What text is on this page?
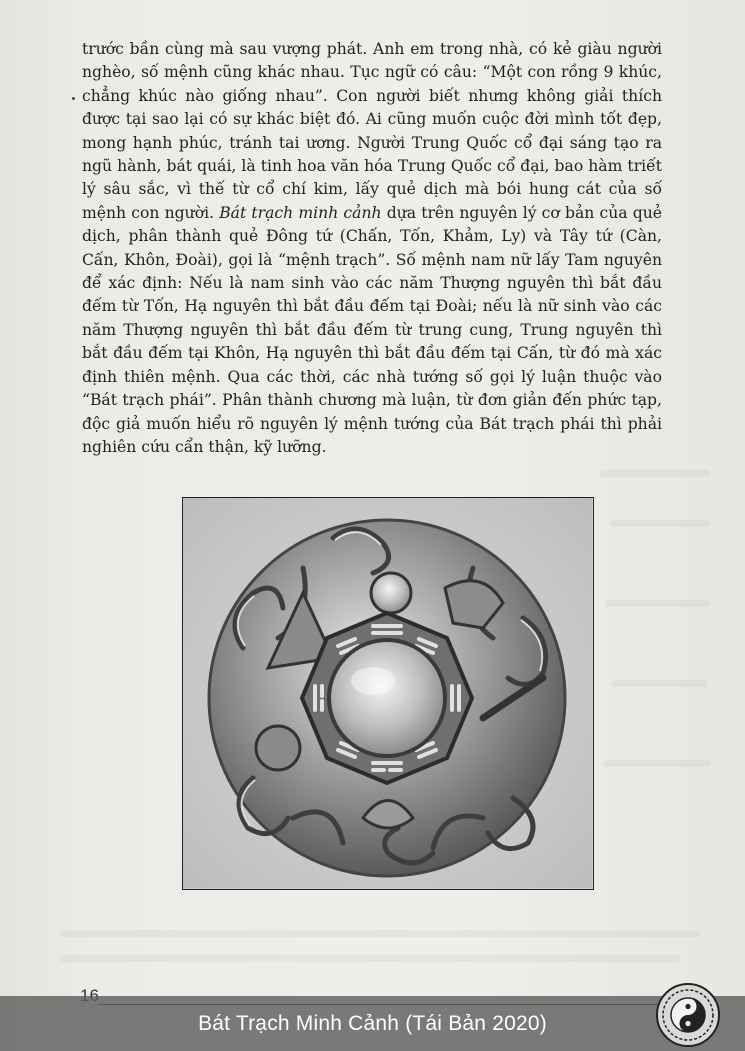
trước bần cùng mà sau vượng phát. Anh em trong nhà, có kẻ giàu người nghèo, số mệnh cũng khác nhau. Tục ngữ có câu: “Một con rồng 9 khúc, chẳng khúc nào giống nhau”. Con người biết nhưng không giải thích được tại sao lại có sự khác biệt đó. Ai cũng muốn cuộc đời mình tốt đẹp, mong hạnh phúc, tránh tai ương. Người Trung Quốc cổ đại sáng tạo ra ngũ hành, bát quái, là tinh hoa văn hóa Trung Quốc cổ đại, bao hàm triết lý sâu sắc, vì thế từ cổ chí kim, lấy quẻ dịch mà bói hung cát của số mệnh con người. Bát trạch minh cảnh dựa trên nguyên lý cơ bản của quẻ dịch, phân thành quẻ Đông tứ (Chấn, Tốn, Khảm, Ly) và Tây tứ (Càn, Cấn, Khôn, Đoài), gọi là “mệnh trạch”. Số mệnh nam nữ lấy Tam nguyên để xác định: Nếu là nam sinh vào các năm Thượng nguyên thì bắt đầu đếm từ Tốn, Hạ nguyên thì bắt đầu đếm tại Đoài; nếu là nữ sinh vào các năm Thượng nguyên thì bắt đầu đếm từ trung cung, Trung nguyên thì bắt đầu đếm tại Khôn, Hạ nguyên thì bắt đầu đếm tại Cấn, từ đó mà xác định thiên mệnh. Qua các thời, các nhà tướng số gọi lý luận thuộc vào “Bát trạch phái”. Phân thành chương mà luận, từ đơn giản đến phức tạp, độc giả muốn hiểu rõ nguyên lý mệnh tướng của Bát trạch phái thì phải nghiên cứu cẩn thận, kỹ lưỡng.

Bát Trạch Minh Cảnh (Tái Bản 2020)
